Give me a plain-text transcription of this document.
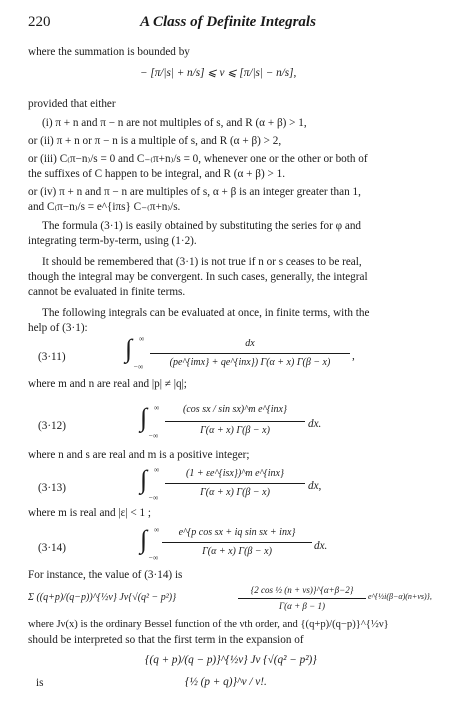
220	A Class of Definite Integrals
where the summation is bounded by
− [π/|s| + n/s] ⩽ ν ⩽ [π/|s| − n/s],
provided that either
(i) π + n and π − n are not multiples of s, and R (α + β) > 1,
or (ii) π + n or π − n is a multiple of s, and R (α + β) > 2,
or (iii) C₍π−n₎/s = 0 and C₋₍π+n₎/s = 0, whenever one or the other or both of
the suffixes of C happen to be integral, and R (α + β) > 1.
or (iv) π + n and π − n are multiples of s, α + β is an integer greater than 1,
and C₍π−n₎/s = e^{iπs} C₋₍π+n₎/s.
The formula (3·1) is easily obtained by substituting the series for φ and
integrating term-by-term, using (1·2).
It should be remembered that (3·1) is not true if n or s ceases to be real,
though the integral may be convergent. In such cases, generally, the integral
cannot be evaluated in finite terms.
The following integrals can be evaluated at once, in finite terms, with the
help of (3·1):
(3·11) ∫ ∞
−∞
dx
(pe^{imx} + qe^{inx}) Γ(α + x) Γ(β − x)
,
where m and n are real and |p| ≠ |q|;
(3·12)	∫ ∞
−∞
(cos sx / sin sx)^m e^{inx}
Γ(α + x) Γ(β − x)
dx.
where n and s are real and m is a positive integer;
(3·13)	∫ ∞
−∞
(1 + εe^{isx})^m e^{inx}
Γ(α + x) Γ(β − x)
dx,
where m is real and |ε| < 1 ;
(3·14)	∫ ∞
−∞
e^{p cos sx + iq sin sx + inx}
Γ(α + x) Γ(β − x)	dx.
For instance, the value of (3·14) is
Σ ((q+p)/(q−p))^{½ν} Jν{√(q² − p²)}
{2 cos ½ (n + νs)}^{α+β−2}
Γ(α + β − 1)
e^{½i(β−α)(n+νs)},
where Jν(x) is the ordinary Bessel function of the νth order, and {(q+p)/(q−p)}^{½ν}
should be interpreted so that the first term in the expansion of
{(q + p)/(q − p)}^{½ν} Jν {√(q² − p²)}
is	{½ (p + q)}^ν / ν!.
